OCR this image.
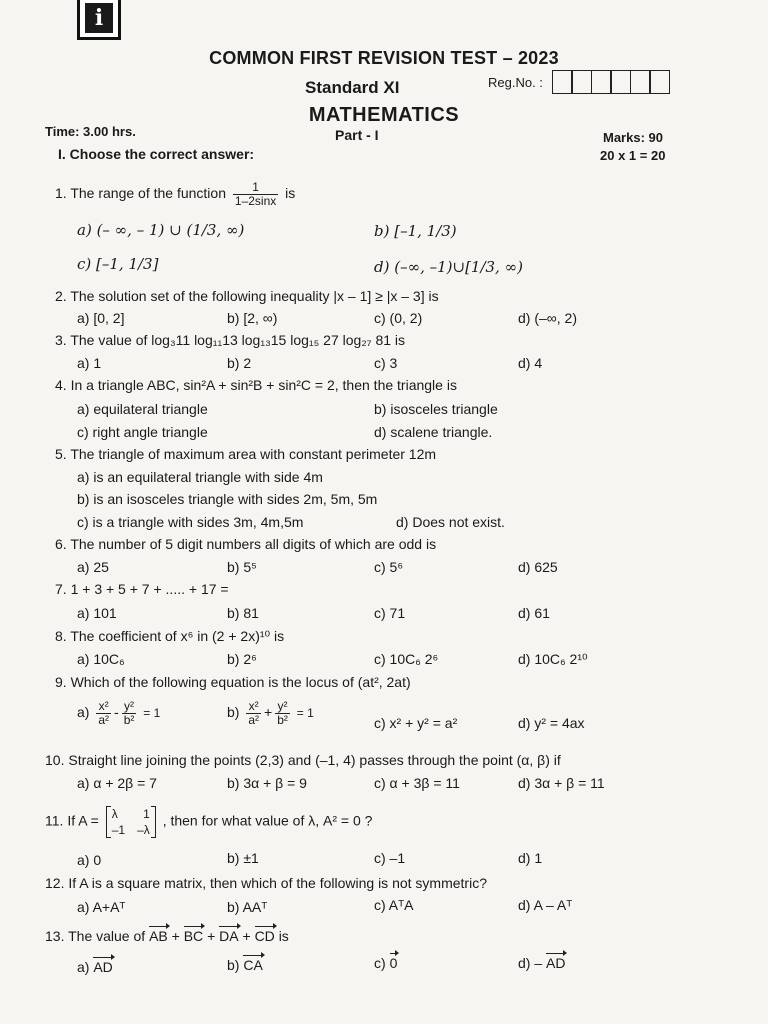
i
COMMON FIRST REVISION TEST – 2023
Standard XI	Reg.No. :
MATHEMATICS
Time: 3.00 hrs.	Part - I	Marks: 90
I. Choose the correct answer:	20 x 1 = 20
1. The range of the function $\frac{1}{1-2\sin x}$ is
a) (– ∞, – 1) ∪ (1/3, ∞)	b) [–1, 1/3)
c) [–1, 1/3]	d) (–∞, –1)∪[1/3, ∞)
2. The solution set of the following inequality |x – 1] ≥ |x – 3] is
a) [0, 2]	b) [2, ∞)	c) (0, 2)	d) (–∞, 2)
3. The value of log₃11 log₁₁13 log₁₃15 log₁₅ 27 log₂₇ 81 is
a) 1	b) 2	c) 3	d) 4
4. In a triangle ABC, sin²A + sin²B + sin²C = 2, then the triangle is
a) equilateral triangle	b) isosceles triangle
c) right angle triangle	d) scalene triangle.
5. The triangle of maximum area with constant perimeter 12m
a) is an equilateral triangle with side 4m
b) is an isosceles triangle with sides 2m, 5m, 5m
c) is a triangle with sides 3m, 4m,5m	d) Does not exist.
6. The number of 5 digit numbers all digits of which are odd is
a) 25	b) 5⁵	c) 5⁶	d) 625
7. 1 + 3 + 5 + 7 + ..... + 17 =
a) 101	b) 81	c) 71	d) 61
8. The coefficient of x⁶ in (2 + 2x)¹⁰ is
a) 10C₆	b) 2⁶	c) 10C₆ 2⁶	d) 10C₆ 2¹⁰
9. Which of the following equation is the locus of (at², 2at)
$a) \frac{\text{x²}}{\text{a²}} - \frac{\text{y²}}{\text{b²}} = 1$	$b) \frac{\text{x²}}{\text{a²}} + \frac{\text{y²}}{\text{b²}} = 1$
c) x² + y² = a²	d) y² = 4ax
10. Straight line joining the points (2,3) and (–1, 4) passes through the point (α, β) if
a) α + 2β = 7	b) 3α + β = 9	c) α + 3β = 11	d) 3α + β = 11
11. If A = λ 1
–1 –λ
, then for what value of λ, A² = 0 ?
a) 0	b) ±1	c) –1	d) 1
12. If A is a square matrix, then which of the following is not symmetric?
a) A+Aᵀ	b) AAᵀ	c) AᵀA	d) A – Aᵀ
13. The value of AB + BC + DA + CD is
a) AD	b) CA	c) 0	d) – AD
